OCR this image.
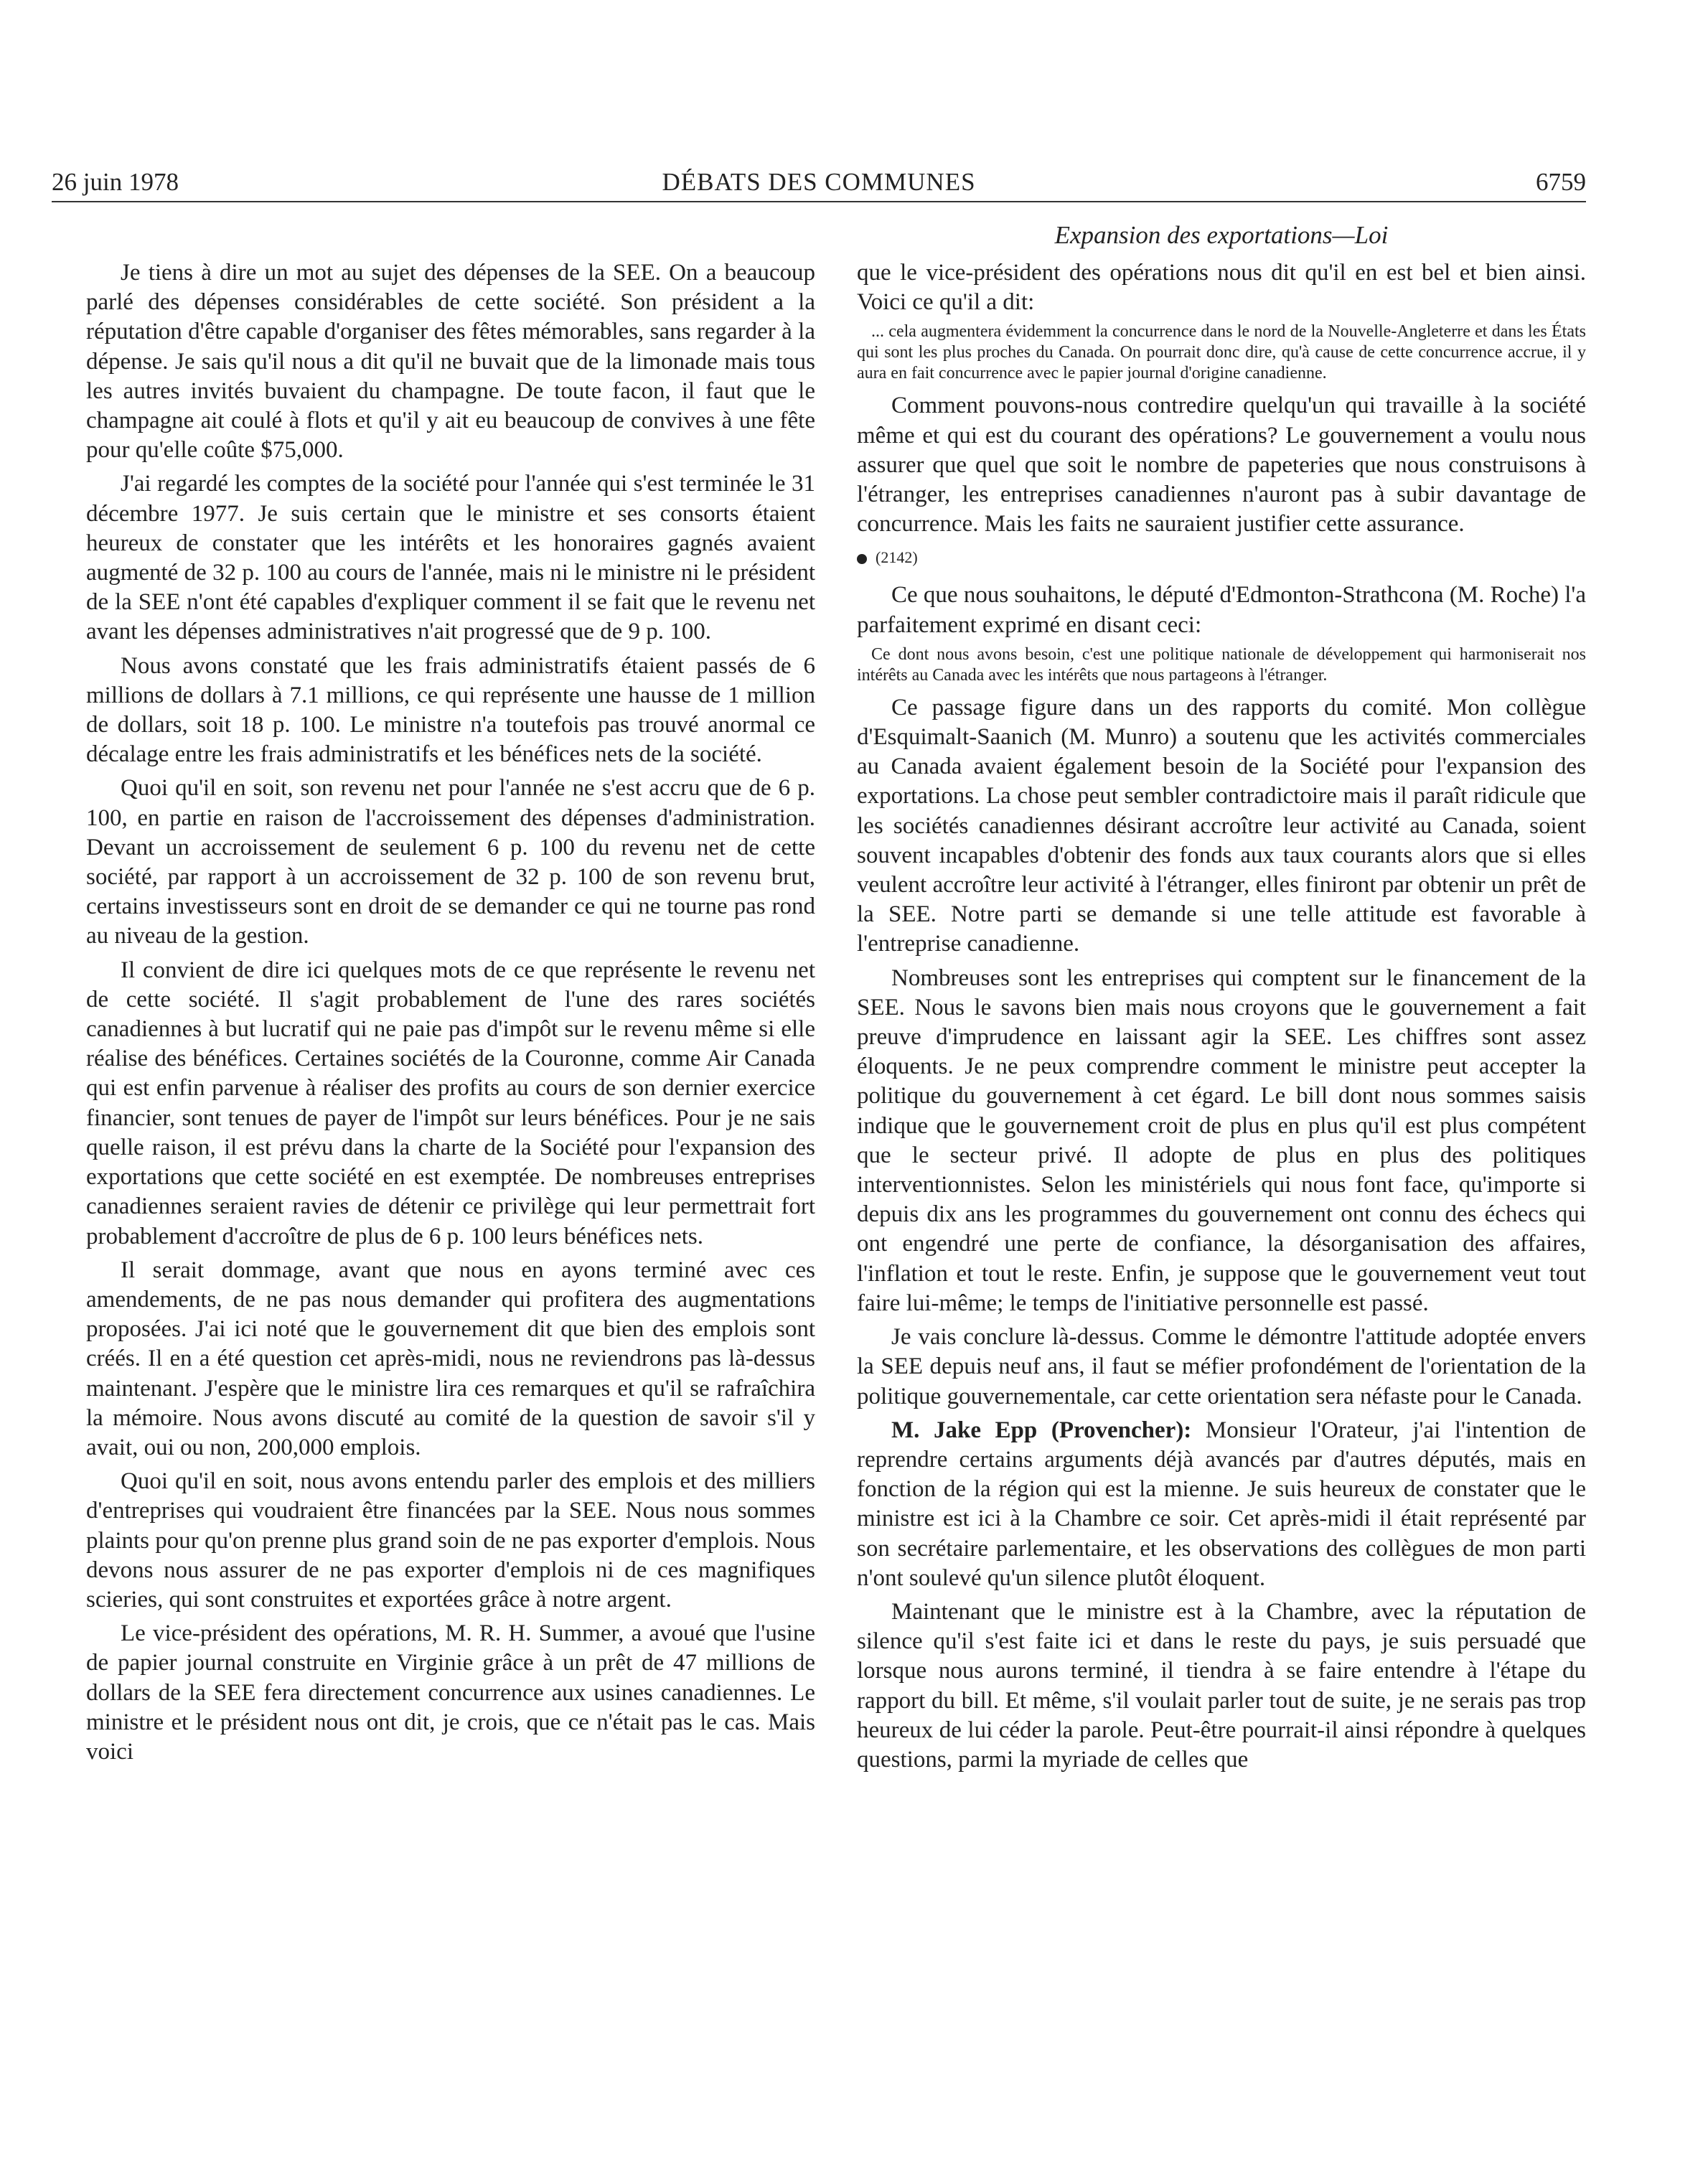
26 juin 1978	DÉBATS DES COMMUNES	6759
Expansion des exportations—Loi

Je tiens à dire un mot au sujet des dépenses de la SEE. On a beaucoup parlé des dépenses considérables de cette société. Son président a la réputation d'être capable d'organiser des fêtes mémorables, sans regarder à la dépense. Je sais qu'il nous a dit qu'il ne buvait que de la limonade mais tous les autres invités buvaient du champagne. De toute facon, il faut que le champagne ait coulé à flots et qu'il y ait eu beaucoup de convives à une fête pour qu'elle coûte $75,000.

J'ai regardé les comptes de la société pour l'année qui s'est terminée le 31 décembre 1977. Je suis certain que le ministre et ses consorts étaient heureux de constater que les intérêts et les honoraires gagnés avaient augmenté de 32 p. 100 au cours de l'année, mais ni le ministre ni le président de la SEE n'ont été capables d'expliquer comment il se fait que le revenu net avant les dépenses administratives n'ait progressé que de 9 p. 100.

Nous avons constaté que les frais administratifs étaient passés de 6 millions de dollars à 7.1 millions, ce qui représente une hausse de 1 million de dollars, soit 18 p. 100. Le ministre n'a toutefois pas trouvé anormal ce décalage entre les frais administratifs et les bénéfices nets de la société.

Quoi qu'il en soit, son revenu net pour l'année ne s'est accru que de 6 p. 100, en partie en raison de l'accroissement des dépenses d'administration. Devant un accroissement de seulement 6 p. 100 du revenu net de cette société, par rapport à un accroissement de 32 p. 100 de son revenu brut, certains investisseurs sont en droit de se demander ce qui ne tourne pas rond au niveau de la gestion.

Il convient de dire ici quelques mots de ce que représente le revenu net de cette société. Il s'agit probablement de l'une des rares sociétés canadiennes à but lucratif qui ne paie pas d'impôt sur le revenu même si elle réalise des bénéfices. Certaines sociétés de la Couronne, comme Air Canada qui est enfin parvenue à réaliser des profits au cours de son dernier exercice financier, sont tenues de payer de l'impôt sur leurs bénéfices. Pour je ne sais quelle raison, il est prévu dans la charte de la Société pour l'expansion des exportations que cette société en est exemptée. De nombreuses entreprises canadiennes seraient ravies de détenir ce privilège qui leur permettrait fort probablement d'accroître de plus de 6 p. 100 leurs bénéfices nets.

Il serait dommage, avant que nous en ayons terminé avec ces amendements, de ne pas nous demander qui profitera des augmentations proposées. J'ai ici noté que le gouvernement dit que bien des emplois sont créés. Il en a été question cet après-midi, nous ne reviendrons pas là-dessus maintenant. J'espère que le ministre lira ces remarques et qu'il se rafraîchira la mémoire. Nous avons discuté au comité de la question de savoir s'il y avait, oui ou non, 200,000 emplois.

Quoi qu'il en soit, nous avons entendu parler des emplois et des milliers d'entreprises qui voudraient être financées par la SEE. Nous nous sommes plaints pour qu'on prenne plus grand soin de ne pas exporter d'emplois. Nous devons nous assurer de ne pas exporter d'emplois ni de ces magnifiques scieries, qui sont construites et exportées grâce à notre argent.

Le vice-président des opérations, M. R. H. Summer, a avoué que l'usine de papier journal construite en Virginie grâce à un prêt de 47 millions de dollars de la SEE fera directement concurrence aux usines canadiennes. Le ministre et le président nous ont dit, je crois, que ce n'était pas le cas. Mais voici

que le vice-président des opérations nous dit qu'il en est bel et bien ainsi. Voici ce qu'il a dit:

... cela augmentera évidemment la concurrence dans le nord de la Nouvelle-Angleterre et dans les États qui sont les plus proches du Canada. On pourrait donc dire, qu'à cause de cette concurrence accrue, il y aura en fait concurrence avec le papier journal d'origine canadienne.

Comment pouvons-nous contredire quelqu'un qui travaille à la société même et qui est du courant des opérations? Le gouvernement a voulu nous assurer que quel que soit le nombre de papeteries que nous construisons à l'étranger, les entreprises canadiennes n'auront pas à subir davantage de concurrence. Mais les faits ne sauraient justifier cette assurance.

(2142)

Ce que nous souhaitons, le député d'Edmonton-Strathcona (M. Roche) l'a parfaitement exprimé en disant ceci:

Ce dont nous avons besoin, c'est une politique nationale de développement qui harmoniserait nos intérêts au Canada avec les intérêts que nous partageons à l'étranger.

Ce passage figure dans un des rapports du comité. Mon collègue d'Esquimalt-Saanich (M. Munro) a soutenu que les activités commerciales au Canada avaient également besoin de la Société pour l'expansion des exportations. La chose peut sembler contradictoire mais il paraît ridicule que les sociétés canadiennes désirant accroître leur activité au Canada, soient souvent incapables d'obtenir des fonds aux taux courants alors que si elles veulent accroître leur activité à l'étranger, elles finiront par obtenir un prêt de la SEE. Notre parti se demande si une telle attitude est favorable à l'entreprise canadienne.

Nombreuses sont les entreprises qui comptent sur le financement de la SEE. Nous le savons bien mais nous croyons que le gouvernement a fait preuve d'imprudence en laissant agir la SEE. Les chiffres sont assez éloquents. Je ne peux comprendre comment le ministre peut accepter la politique du gouvernement à cet égard. Le bill dont nous sommes saisis indique que le gouvernement croit de plus en plus qu'il est plus compétent que le secteur privé. Il adopte de plus en plus des politiques interventionnistes. Selon les ministériels qui nous font face, qu'importe si depuis dix ans les programmes du gouvernement ont connu des échecs qui ont engendré une perte de confiance, la désorganisation des affaires, l'inflation et tout le reste. Enfin, je suppose que le gouvernement veut tout faire lui-même; le temps de l'initiative personnelle est passé.

Je vais conclure là-dessus. Comme le démontre l'attitude adoptée envers la SEE depuis neuf ans, il faut se méfier profondément de l'orientation de la politique gouvernementale, car cette orientation sera néfaste pour le Canada.

M. Jake Epp (Provencher): Monsieur l'Orateur, j'ai l'intention de reprendre certains arguments déjà avancés par d'autres députés, mais en fonction de la région qui est la mienne. Je suis heureux de constater que le ministre est ici à la Chambre ce soir. Cet après-midi il était représenté par son secrétaire parlementaire, et les observations des collègues de mon parti n'ont soulevé qu'un silence plutôt éloquent.

Maintenant que le ministre est à la Chambre, avec la réputation de silence qu'il s'est faite ici et dans le reste du pays, je suis persuadé que lorsque nous aurons terminé, il tiendra à se faire entendre à l'étape du rapport du bill. Et même, s'il voulait parler tout de suite, je ne serais pas trop heureux de lui céder la parole. Peut-être pourrait-il ainsi répondre à quelques questions, parmi la myriade de celles que
